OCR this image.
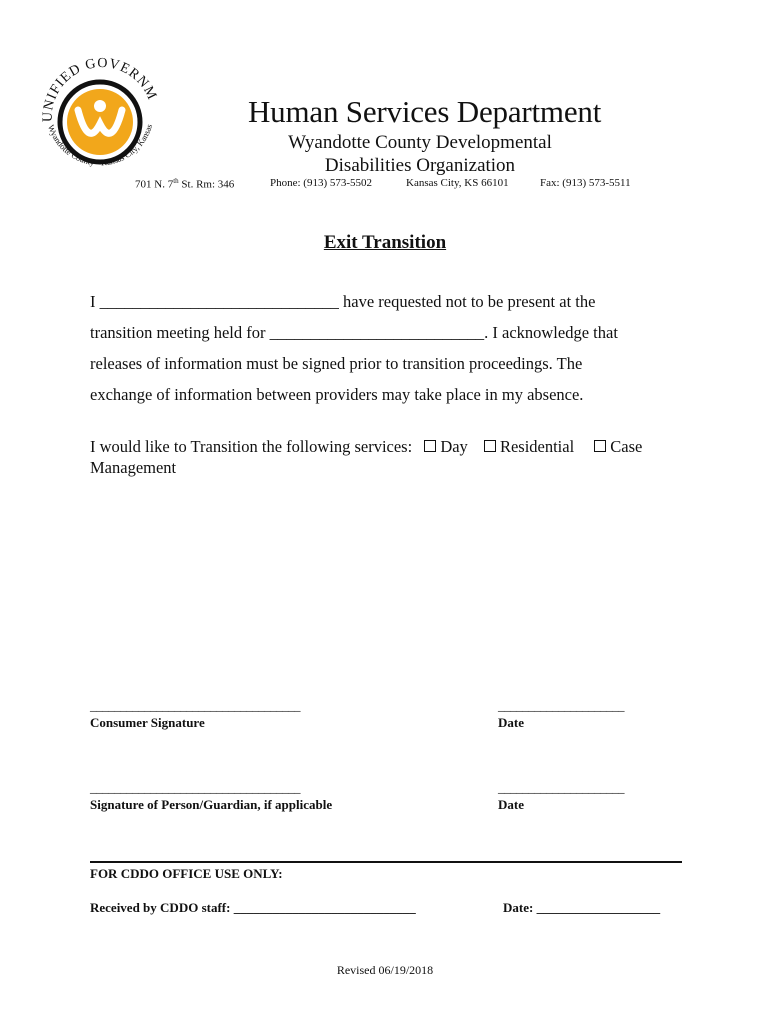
UNIFIED GOVERNM
Wyandotte County • Kansas City, Kansas	Human Services Department
Wyandotte County Developmental
Disabilities Organization
701 N. 7th St. Rm: 346	Phone: (913) 573-5502	Kansas City, KS 66101	Fax: (913) 573-5511
Exit Transition
I _____________________________ have requested not to be present at the
transition meeting held for __________________________. I acknowledge that
releases of information must be signed prior to transition proceedings. The
exchange of information between providers may take place in my absence.
I would like to Transition the following services: Day Residential Case
Management
___________________________________
Consumer Signature
_____________________
Date
___________________________________
Signature of Person/Guardian, if applicable
_____________________
Date
FOR CDDO OFFICE USE ONLY:
Received by CDDO staff: ____________________________	Date: ___________________
Revised 06/19/2018
